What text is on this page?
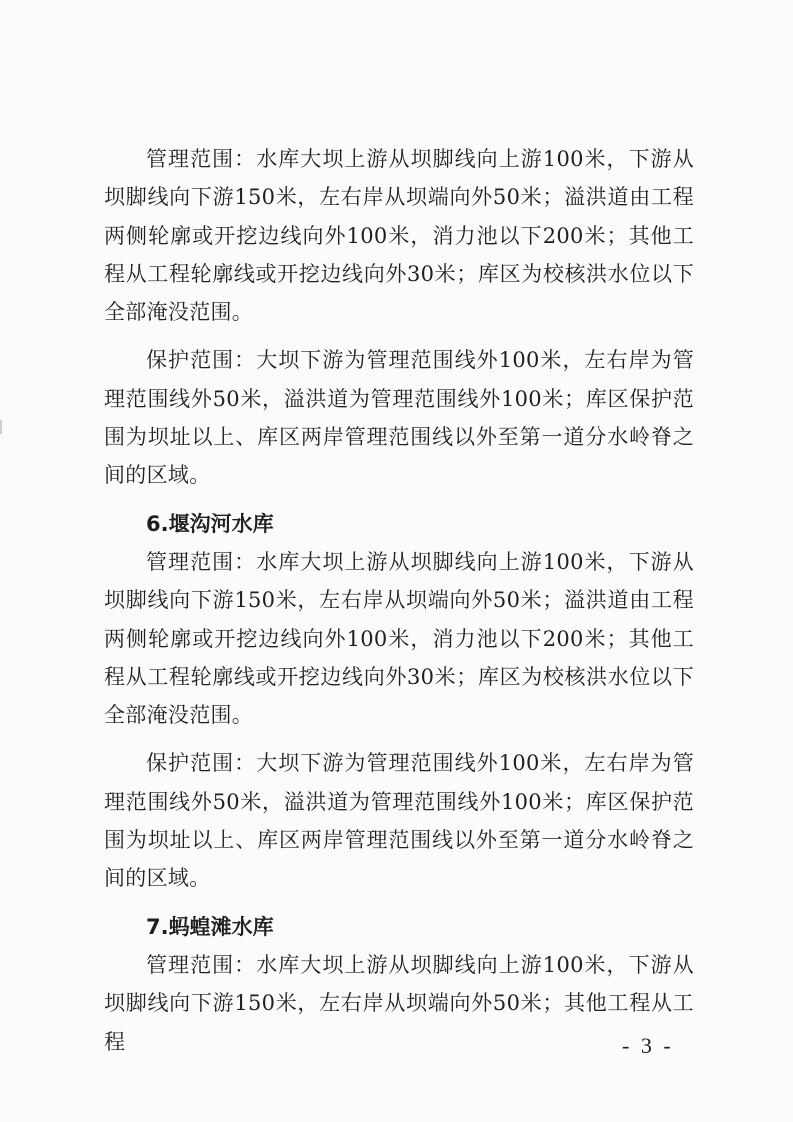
管理范围：水库大坝上游从坝脚线向上游100米，下游从坝脚线向下游150米，左右岸从坝端向外50米；溢洪道由工程两侧轮廓或开挖边线向外100米，消力池以下200米；其他工程从工程轮廓线或开挖边线向外30米；库区为校核洪水位以下全部淹没范围。

保护范围：大坝下游为管理范围线外100米，左右岸为管理范围线外50米，溢洪道为管理范围线外100米；库区保护范围为坝址以上、库区两岸管理范围线以外至第一道分水岭脊之间的区域。

6.堰沟河水库

管理范围：水库大坝上游从坝脚线向上游100米，下游从坝脚线向下游150米，左右岸从坝端向外50米；溢洪道由工程两侧轮廓或开挖边线向外100米，消力池以下200米；其他工程从工程轮廓线或开挖边线向外30米；库区为校核洪水位以下全部淹没范围。

保护范围：大坝下游为管理范围线外100米，左右岸为管理范围线外50米，溢洪道为管理范围线外100米；库区保护范围为坝址以上、库区两岸管理范围线以外至第一道分水岭脊之间的区域。

7.蚂蝗滩水库

管理范围：水库大坝上游从坝脚线向上游100米，下游从坝脚线向下游150米，左右岸从坝端向外50米；其他工程从工程	- 3 -
